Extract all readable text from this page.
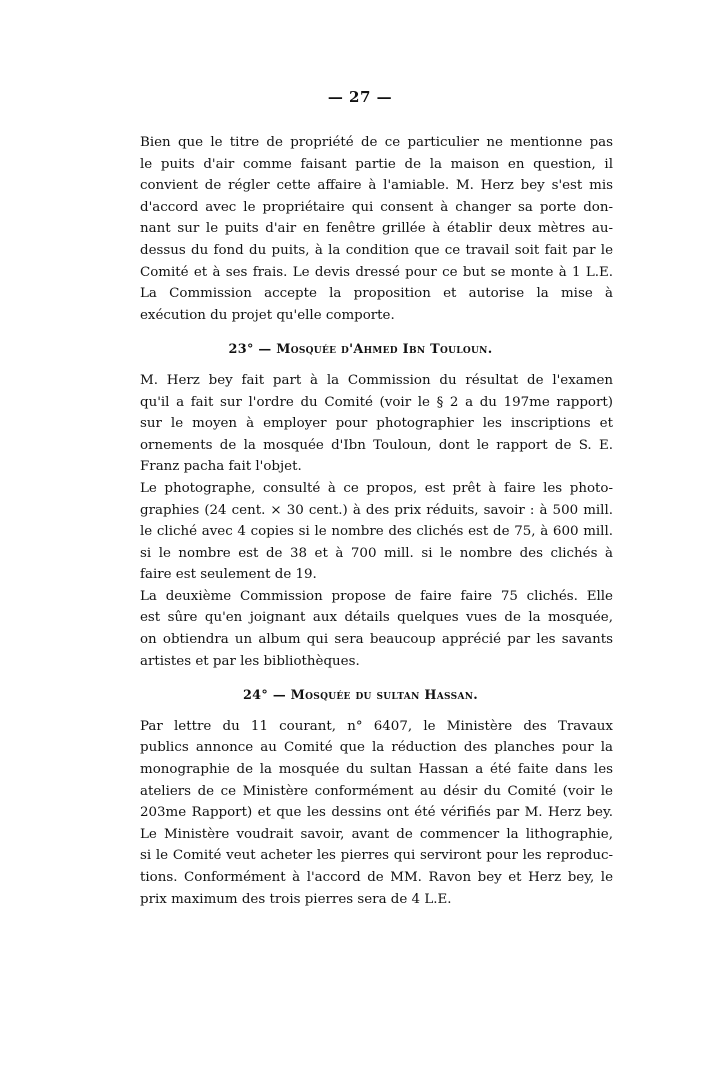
— 27 —
Bien que le titre de propriété de ce particulier ne mentionne pas
le puits d'air comme faisant partie de la maison en question, il
convient de régler cette affaire à l'amiable. M. Herz bey s'est mis
d'accord avec le propriétaire qui consent à changer sa porte don-
nant sur le puits d'air en fenêtre grillée à établir deux mètres au-
dessus du fond du puits, à la condition que ce travail soit fait par le
Comité et à ses frais. Le devis dressé pour ce but se monte à 1 L.E.
La Commission accepte la proposition et autorise la mise à
exécution du projet qu'elle comporte.
23° — Mosquée d'Ahmed Ibn Touloun.
M. Herz bey fait part à la Commission du résultat de l'examen
qu'il a fait sur l'ordre du Comité (voir le § 2 a du 197me rapport)
sur le moyen à employer pour photographier les inscriptions et
ornements de la mosquée d'Ibn Touloun, dont le rapport de S. E.
Franz pacha fait l'objet.
Le photographe, consulté à ce propos, est prêt à faire les photo-
graphies (24 cent. × 30 cent.) à des prix réduits, savoir : à 500 mill.
le cliché avec 4 copies si le nombre des clichés est de 75, à 600 mill.
si le nombre est de 38 et à 700 mill. si le nombre des clichés à
faire est seulement de 19.
La deuxième Commission propose de faire faire 75 clichés. Elle
est sûre qu'en joignant aux détails quelques vues de la mosquée,
on obtiendra un album qui sera beaucoup apprécié par les savants
artistes et par les bibliothèques.
24° — Mosquée du sultan Hassan.
Par lettre du 11 courant, n° 6407, le Ministère des Travaux
publics annonce au Comité que la réduction des planches pour la
monographie de la mosquée du sultan Hassan a été faite dans les
ateliers de ce Ministère conformément au désir du Comité (voir le
203me Rapport) et que les dessins ont été vérifiés par M. Herz bey.
Le Ministère voudrait savoir, avant de commencer la lithographie,
si le Comité veut acheter les pierres qui serviront pour les reproduc-
tions. Conformément à l'accord de MM. Ravon bey et Herz bey, le
prix maximum des trois pierres sera de 4 L.E.
